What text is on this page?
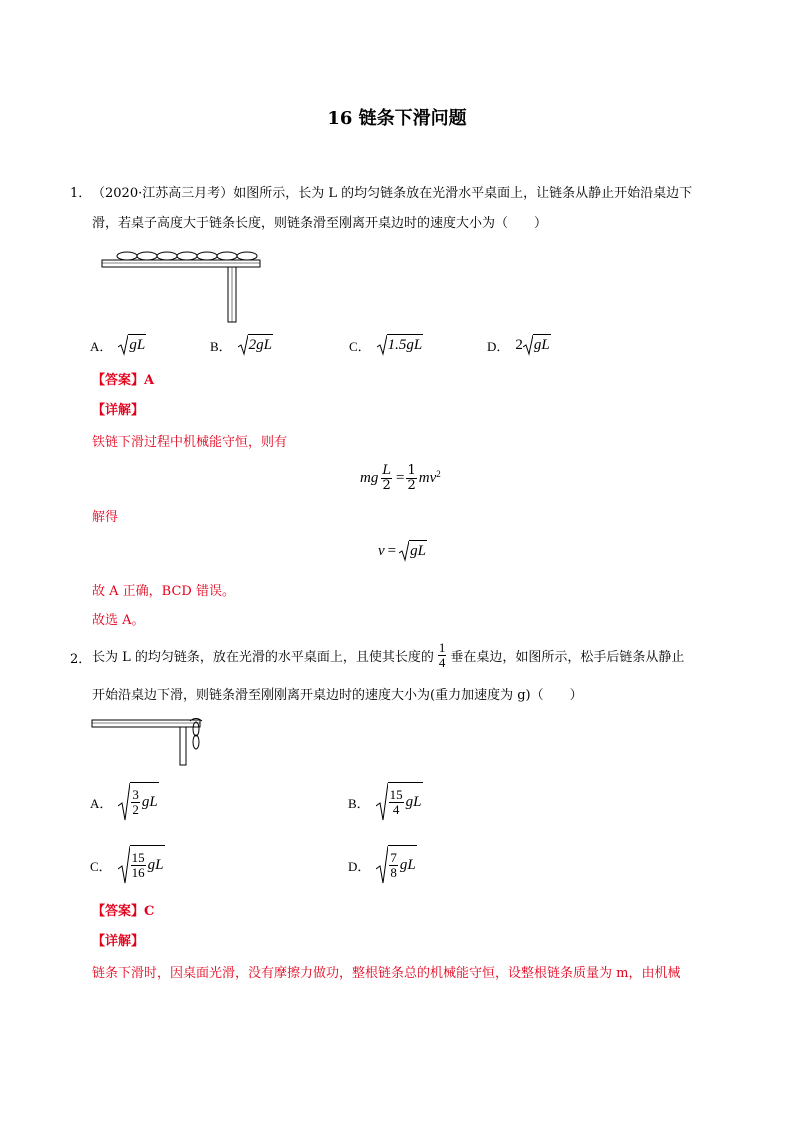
16 链条下滑问题
1． （2020·江苏高三月考）如图所示，长为 L 的均匀链条放在光滑水平桌面上，让链条从静止开始沿桌边下
滑，若桌子高度大于链条长度，则链条滑至刚离开桌边时的速度大小为（　　）
A． gL	B． 2gL	C． 1.5gL	D． 2 gL
【答案】A
【详解】
铁链下滑过程中机械能守恒，则有
mg $\frac{L}{2} = \frac{1}{2} mv^2$
解得
v = gL
故 A 正确，BCD 错误。
故选 A。
2． 长为 L 的均匀链条，放在光滑的水平桌面上，且使其长度的 $\frac{1}{4}$ 垂在桌边，如图所示，松手后链条从静止
开始沿桌边下滑，则链条滑至刚刚离开桌边时的速度大小为(重力加速度为 g)（　　）
A． $\frac{3}{2}$ gL	B． $\frac{15}{4}$ gL
C． $\frac{15}{16}$ gL	D． $\frac{7}{8}$ gL
【答案】C
【详解】
链条下滑时，因桌面光滑，没有摩擦力做功，整根链条总的机械能守恒，设整根链条质量为 m，由机械
